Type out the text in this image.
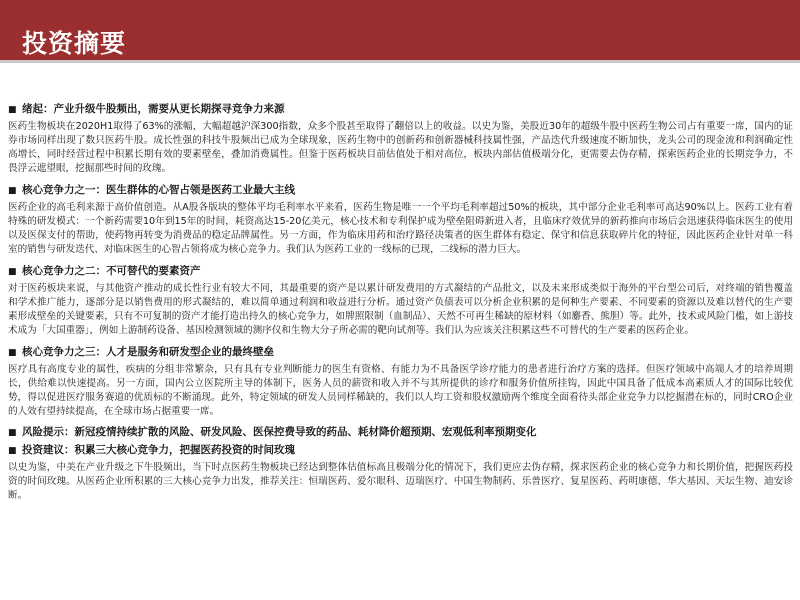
投资摘要
■ 绪起：产业升级牛股频出，需要从更长期探寻竞争力来源
医药生物板块在2020H1取得了63%的涨幅，大幅超越沪深300指数，众多个股甚至取得了翻倍以上的收益。以史为鉴，美股近30年的超级牛股中医药生物公司占有重要一席，国内的证券市场同样出现了数只医药牛股。成长性强的科技牛股频出已成为全球现象，医药生物中的创新药和创新器械科技属性强，产品迭代升级速度不断加快，龙头公司的现金流和利润确定性高增长，同时经营过程中积累长期有效的要素壁垒，叠加消费属性。但鉴于医药板块目前估值处于相对高位，板块内部估值极端分化，更需要去伪存精，探索医药企业的长期竞争力，不畏浮云遮望眼，挖掘那些时间的玫瑰。
■ 核心竞争力之一：医生群体的心智占领是医药工业最大主线
医药企业的高毛利来源于高价值创造。从A股各版块的整体平均毛利率水平来看，医药生物是唯一一个平均毛利率超过50%的板块，其中部分企业毛利率可高达90%以上。医药工业有着特殊的研发模式：一个新药需要10年到15年的时间，耗资高达15-20亿美元，核心技术和专利保护成为壁垒阻碍新进入者，且临床疗效优异的新药推向市场后会迅速获得临床医生的使用以及医保支付的帮助，使药物再转变为消费品的稳定品牌属性。另一方面，作为临床用药和治疗路径决策者的医生群体有稳定、保守和信息获取碎片化的特征，因此医药企业针对单一科室的销售与研发迭代、对临床医生的心智占领将成为核心竞争力。我们认为医药工业的一线标的已现，二线标的潜力巨大。
■ 核心竞争力之二：不可替代的要素资产
对于医药板块来说，与其他资产推动的成长性行业有较大不同，其最重要的资产是以累计研发费用的方式凝结的产品批文，以及未来形成类似于海外的平台型公司后，对终端的销售覆盖和学术推广能力，逐部分是以销售费用的形式凝结的，难以简单通过利润和收益进行分析。通过资产负债表可以分析企业积累的是何种生产要素、不同要素的资源以及难以替代的生产要素形成壁垒的关键要素，只有不可复制的资产才能打造出持久的核心竞争力，如牌照限制（血制品）、天然不可再生稀缺的原材料（如麝香、熊胆）等。此外，技术或风险门槛，如上游技术成为「大国重器」，例如上游制药设备、基因检测领域的测序仪和生物大分子所必需的靶向试剂等。我们认为应该关注积累这些不可替代的生产要素的医药企业。
■ 核心竞争力之三：人才是服务和研发型企业的最终壁垒
医疗具有高度专业的属性，疾病的分组非常繁杂，只有具有专业判断能力的医生有资格、有能力为不具备医学诊疗能力的患者进行治疗方案的选择。但医疗领域中高端人才的培养周期长，供给难以快速提高。另一方面，国内公立医院所主导的体制下，医务人员的薪资和收入并不与其所提供的诊疗和服务价值所挂钩，因此中国具备了低成本高素质人才的国际比较优势，得以促进医疗服务赛道的优质标的不断涌现。此外，特定领域的研发人员同样稀缺的，我们以人均工资和股权激励两个维度全面看待头部企业竞争力以挖掘潜在标的，同时CRO企业的人效有望持续提高，在全球市场占据重要一席。
■ 风险提示：新冠疫情持续扩散的风险、研发风险、医保控费导致的药品、耗材降价超预期、宏观低利率预期变化
■ 投资建议：积累三大核心竞争力，把握医药投资的时间玫瑰
以史为鉴，中美在产业升级之下牛股频出，当下时点医药生物板块已经达到整体估值标高且极端分化的情况下，我们更应去伪存精，探求医药企业的核心竞争力和长期价值，把握医药投资的时间玫瑰。从医药企业所积累的三大核心竞争力出发，推荐关注：恒瑞医药、爱尔眼科、迈瑞医疗、中国生物制药、乐普医疗、复星医药、药明康德、华大基因、天坛生物、迪安诊断。
